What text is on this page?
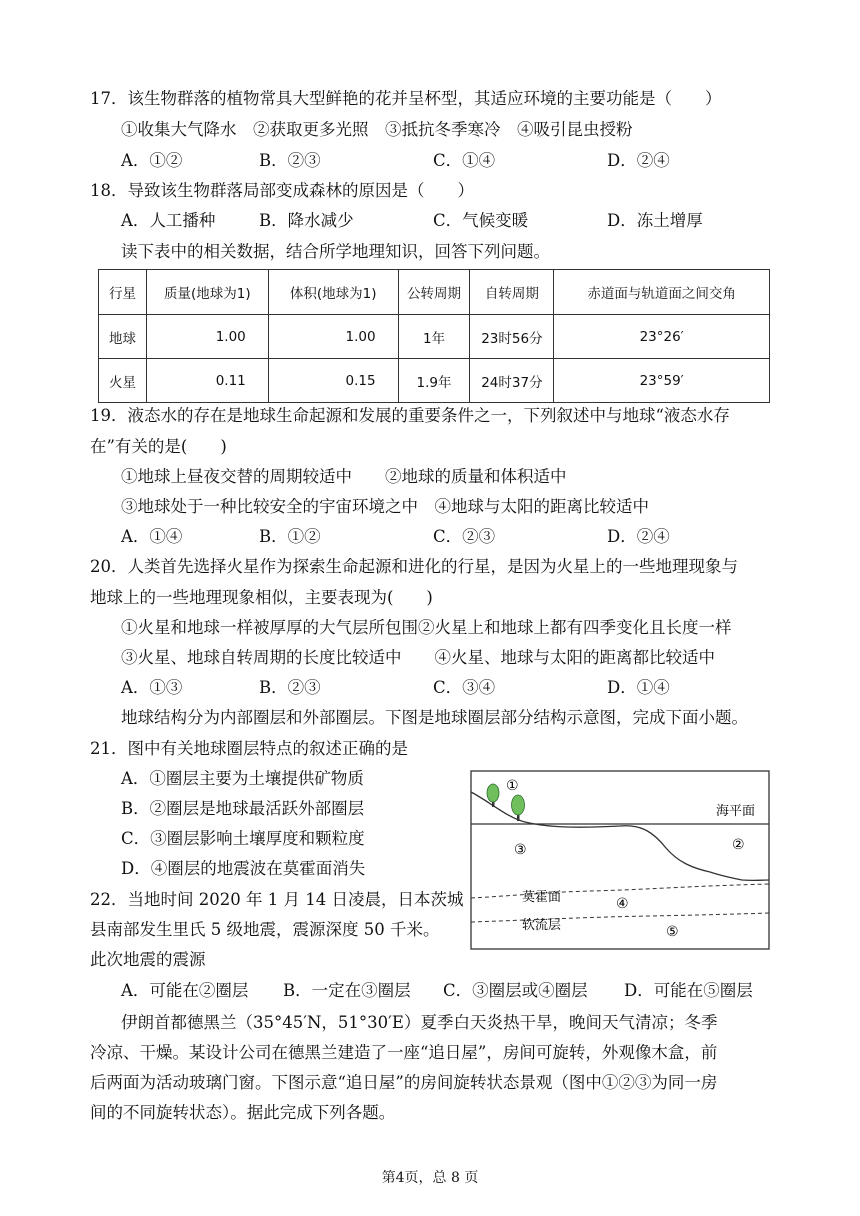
17．该生物群落的植物常具大型鲜艳的花并呈杯型，其适应环境的主要功能是（　　）
①收集大气降水　②获取更多光照　③抵抗冬季寒冷　④吸引昆虫授粉
A．①②	B．②③	C．①④	D．②④
18．导致该生物群落局部变成森林的原因是（　　）
A．人工播种	B．降水减少	C．气候变暖	D．冻土增厚
读下表中的相关数据，结合所学地理知识，回答下列问题。
行星	质量(地球为1)	体积(地球为1)	公转周期	自转周期	赤道面与轨道面之间交角
地球	1.00	1.00	1年	23时56分	23°26′
火星	0.11	0.15	1.9年	24时37分	23°59′
19．液态水的存在是地球生命起源和发展的重要条件之一，下列叙述中与地球“液态水存
在”有关的是(　　)
①地球上昼夜交替的周期较适中　　②地球的质量和体积适中
③地球处于一种比较安全的宇宙环境之中　④地球与太阳的距离比较适中
A．①④	B．①②	C．②③	D．②④
20．人类首先选择火星作为探索生命起源和进化的行星，是因为火星上的一些地理现象与
地球上的一些地理现象相似，主要表现为(　　)
①火星和地球一样被厚厚的大气层所包围②火星上和地球上都有四季变化且长度一样
③火星、地球自转周期的长度比较适中　　④火星、地球与太阳的距离都比较适中
A．①③	B．②③	C．③④	D．①④
地球结构分为内部圈层和外部圈层。下图是地球圈层部分结构示意图，完成下面小题。
21．图中有关地球圈层特点的叙述正确的是
A．①圈层主要为土壤提供矿物质
B．②圈层是地球最活跃外部圈层
C．③圈层影响土壤厚度和颗粒度
D．④圈层的地震波在莫霍面消失
22．当地时间 2020 年 1 月 14 日凌晨，日本茨城
县南部发生里氏 5 级地震，震源深度 50 千米。
此次地震的震源
A．可能在②圈层 B．一定在③圈层 C．③圈层或④圈层 D．可能在⑤圈层
①
海平面
③	②
莫霍面	④
软流层	⑤
伊朗首都德黑兰（35°45′N，51°30′E）夏季白天炎热干旱，晚间天气清凉；冬季
冷凉、干燥。某设计公司在德黑兰建造了一座“追日屋”，房间可旋转，外观像木盒，前
后两面为活动玻璃门窗。下图示意“追日屋”的房间旋转状态景观（图中①②③为同一房
间的不同旋转状态）。据此完成下列各题。
第4页，总 8 页
